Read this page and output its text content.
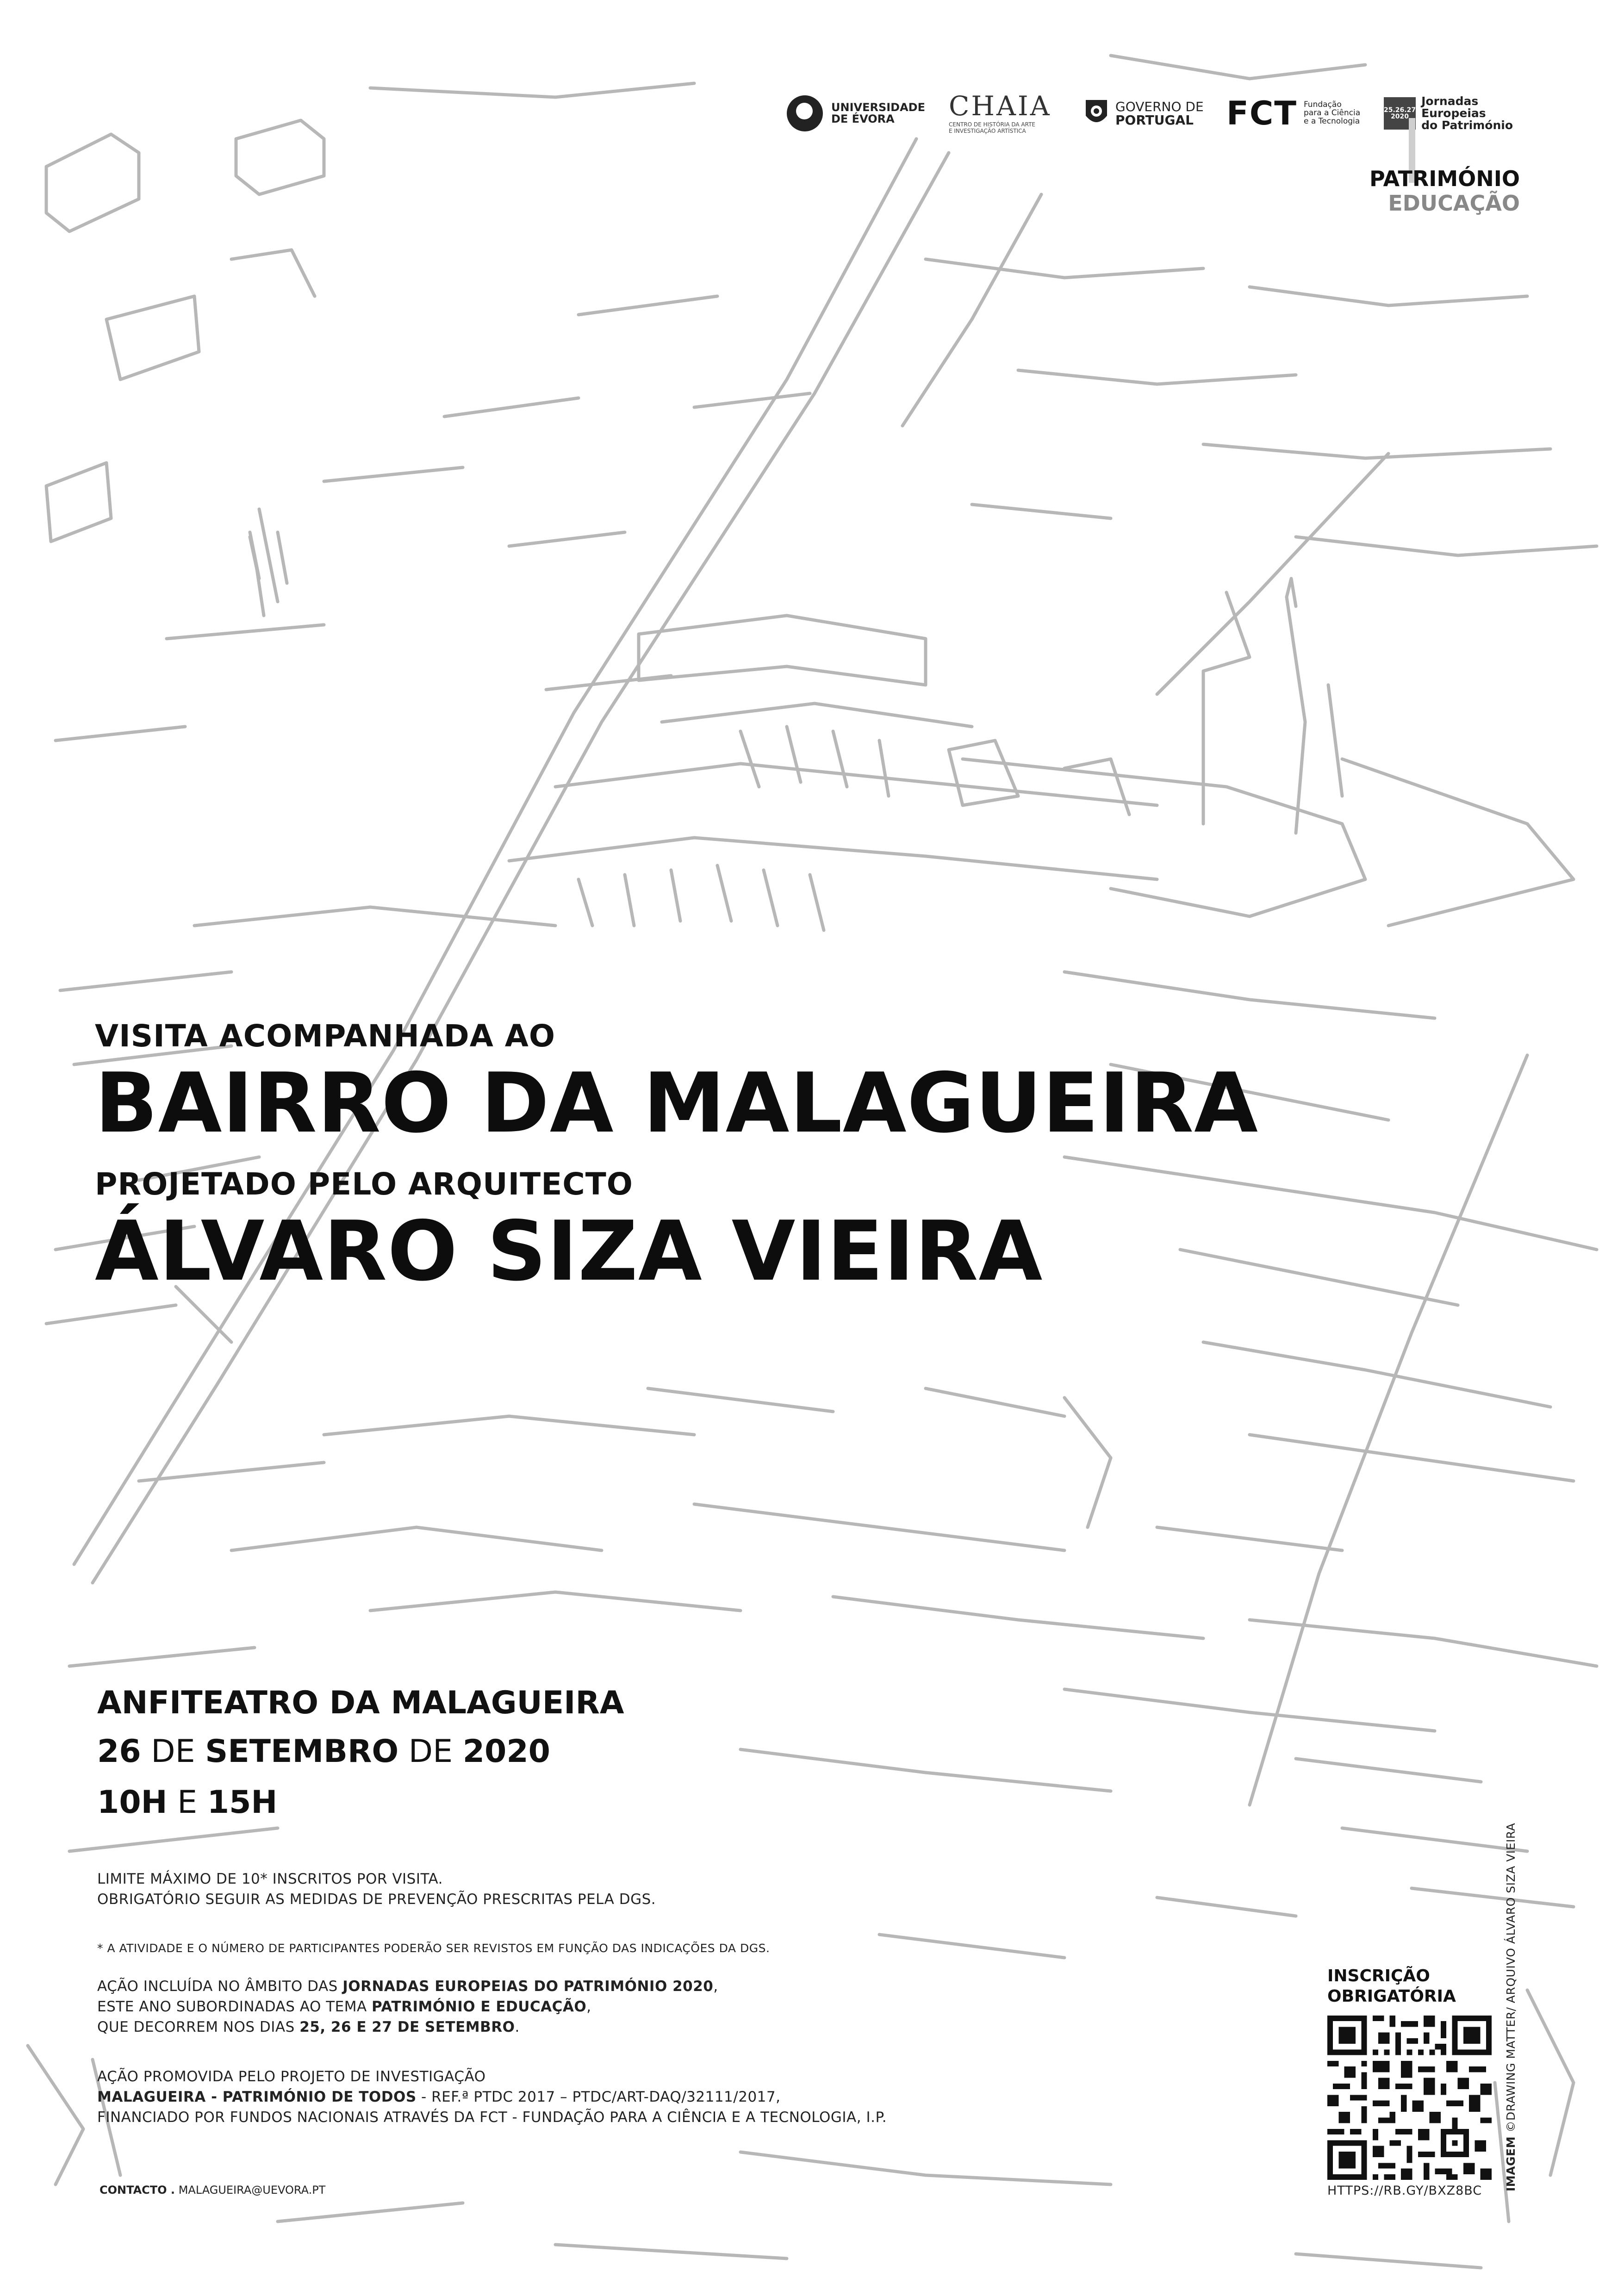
UNIVERSIDADE
DE ÉVORA	CHAIA
CENTRO DE HISTÓRIA DA ARTE
E INVESTIGAÇÃO ARTÍSTICA
GOVERNO DE
PORTUGAL	FCT Fundação
para a Ciência
e a Tecnologia
25.26.27 2020
Jornadas Europeias
do Património
PATRIMÓNIO
EDUCAÇÃO
VISITA ACOMPANHADA AO
BAIRRO DA MALAGUEIRA
PROJETADO PELO ARQUITECTO
ÁLVARO SIZA VIEIRA
ANFITEATRO DA MALAGUEIRA
26 DE SETEMBRO DE 2020
10H E 15H
LIMITE MÁXIMO DE 10* INSCRITOS POR VISITA.
OBRIGATÓRIO SEGUIR AS MEDIDAS DE PREVENÇÃO PRESCRITAS PELA DGS.
* A ATIVIDADE E O NÚMERO DE PARTICIPANTES PODERÃO SER REVISTOS EM FUNÇÃO DAS INDICAÇÕES DA DGS.
AÇÃO INCLUÍDA NO ÂMBITO DAS JORNADAS EUROPEIAS DO PATRIMÓNIO 2020,
ESTE ANO SUBORDINADAS AO TEMA PATRIMÓNIO E EDUCAÇÃO,
QUE DECORREM NOS DIAS 25, 26 E 27 DE SETEMBRO.
AÇÃO PROMOVIDA PELO PROJETO DE INVESTIGAÇÃO
MALAGUEIRA - PATRIMÓNIO DE TODOS - REF.ª PTDC 2017 – PTDC/ART-DAQ/32111/2017,
FINANCIADO POR FUNDOS NACIONAIS ATRAVÉS DA FCT - FUNDAÇÃO PARA A CIÊNCIA E A TECNOLOGIA, I.P.
CONTACTO . MALAGUEIRA@UEVORA.PT
INSCRIÇÃO
OBRIGATÓRIA
HTTPS://RB.GY/BXZ8BC IMAGEM ©DRAWING MATTER/ ARQUIVO ÁLVARO SIZA VIEIRA
